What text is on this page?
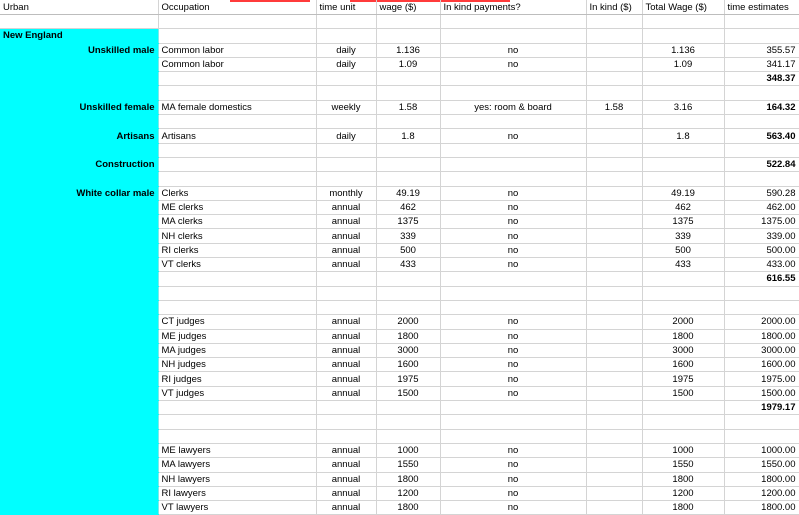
Urban	Occupation	time unit	wage ($)	In kind payments?	In kind ($)	Total Wage ($)	time estimates

New England							
Unskilled male	Common labor	daily	1.136	no		1.136	355.57
	Common labor	daily	1.09	no		1.09	341.17
							348.37

Unskilled female	MA female domestics	weekly	1.58	yes: room & board	1.58	3.16	164.32

Artisans	Artisans	daily	1.8	no		1.8	563.40

Construction							522.84

White collar male	Clerks	monthly	49.19	no		49.19	590.28
	ME clerks	annual	462	no		462	462.00
	MA clerks	annual	1375	no		1375	1375.00
	NH clerks	annual	339	no		339	339.00
	RI clerks	annual	500	no		500	500.00
	VT clerks	annual	433	no		433	433.00
							616.55

	CT judges	annual	2000	no		2000	2000.00
	ME judges	annual	1800	no		1800	1800.00
	MA judges	annual	3000	no		3000	3000.00
	NH judges	annual	1600	no		1600	1600.00
	RI judges	annual	1975	no		1975	1975.00
	VT judges	annual	1500	no		1500	1500.00
							1979.17

	ME lawyers	annual	1000	no		1000	1000.00
	MA lawyers	annual	1550	no		1550	1550.00
	NH lawyers	annual	1800	no		1800	1800.00
	RI lawyers	annual	1200	no		1200	1200.00
	VT lawyers	annual	1800	no		1800	1800.00
